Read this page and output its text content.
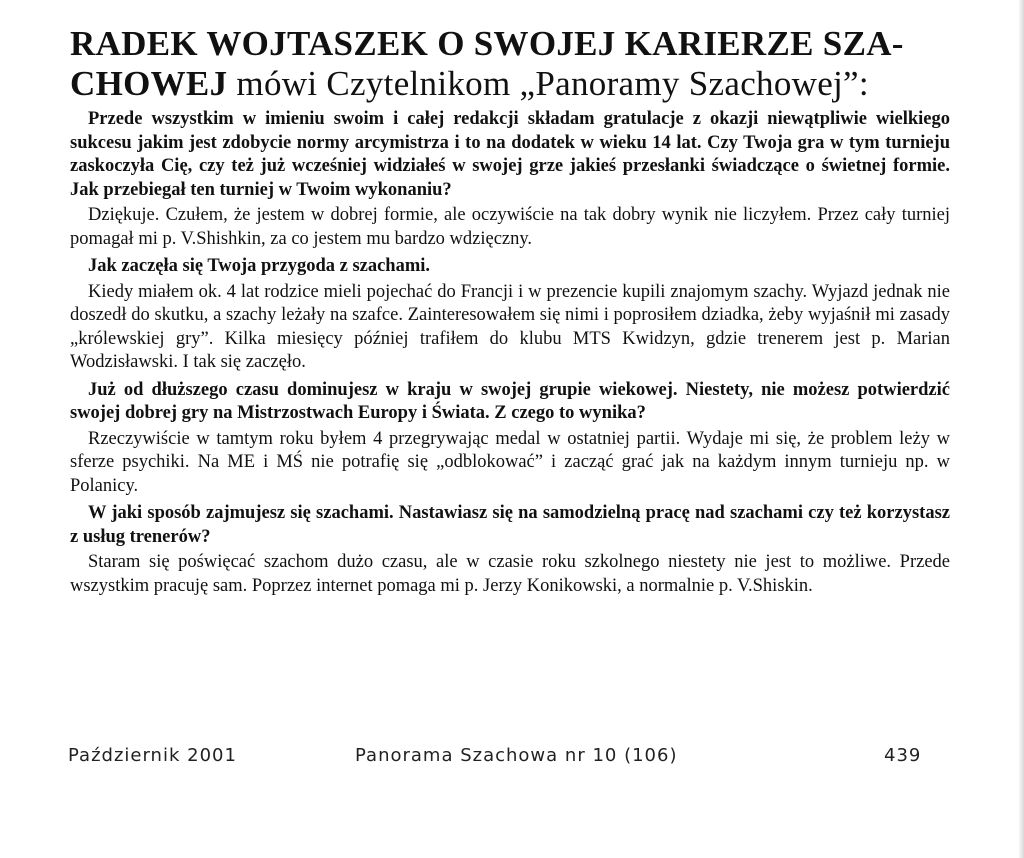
RADEK WOJTASZEK O SWOJEJ KARIERZE SZA-
CHOWEJ mówi Czytelnikom „Panoramy Szachowej”:

Przede wszystkim w imieniu swoim i całej redakcji składam gratulacje z okazji niewątpliwie wielkiego sukcesu jakim jest zdobycie normy arcymistrza i to na dodatek w wieku 14 lat. Czy Twoja gra w tym turnieju zaskoczyła Cię, czy też już wcześniej widziałeś w swojej grze jakieś przesłanki świadczące o świetnej formie. Jak przebiegał ten turniej w Twoim wykonaniu?

Dziękuje. Czułem, że jestem w dobrej formie, ale oczywiście na tak dobry wynik nie liczyłem. Przez cały turniej pomagał mi p. V.Shishkin, za co jestem mu bardzo wdzięczny.

Jak zaczęła się Twoja przygoda z szachami.

Kiedy miałem ok. 4 lat rodzice mieli pojechać do Francji i w prezencie kupili znajomym szachy. Wyjazd jednak nie doszedł do skutku, a szachy leżały na szafce. Zainteresowałem się nimi i poprosiłem dziadka, żeby wyjaśnił mi zasady „królewskiej gry”. Kilka miesięcy później trafiłem do klubu MTS Kwidzyn, gdzie trenerem jest p. Marian Wodzisławski. I tak się zaczęło.

Już od dłuższego czasu dominujesz w kraju w swojej grupie wiekowej. Niestety, nie możesz potwierdzić swojej dobrej gry na Mistrzostwach Europy i Świata. Z czego to wynika?

Rzeczywiście w tamtym roku byłem 4 przegrywając medal w ostatniej partii. Wydaje mi się, że problem leży w sferze psychiki. Na ME i MŚ nie potrafię się „odblokować” i zacząć grać jak na każdym innym turnieju np. w Polanicy.

W jaki sposób zajmujesz się szachami. Nastawiasz się na samodzielną pracę nad szachami czy też korzystasz z usług trenerów?

Staram się poświęcać szachom dużo czasu, ale w czasie roku szkolnego niestety nie jest to możliwe. Przede wszystkim pracuję sam. Poprzez internet pomaga mi p. Jerzy Konikowski, a normalnie p. V.Shiskin.

Październik 2001	Panorama Szachowa nr 10 (106)	439
